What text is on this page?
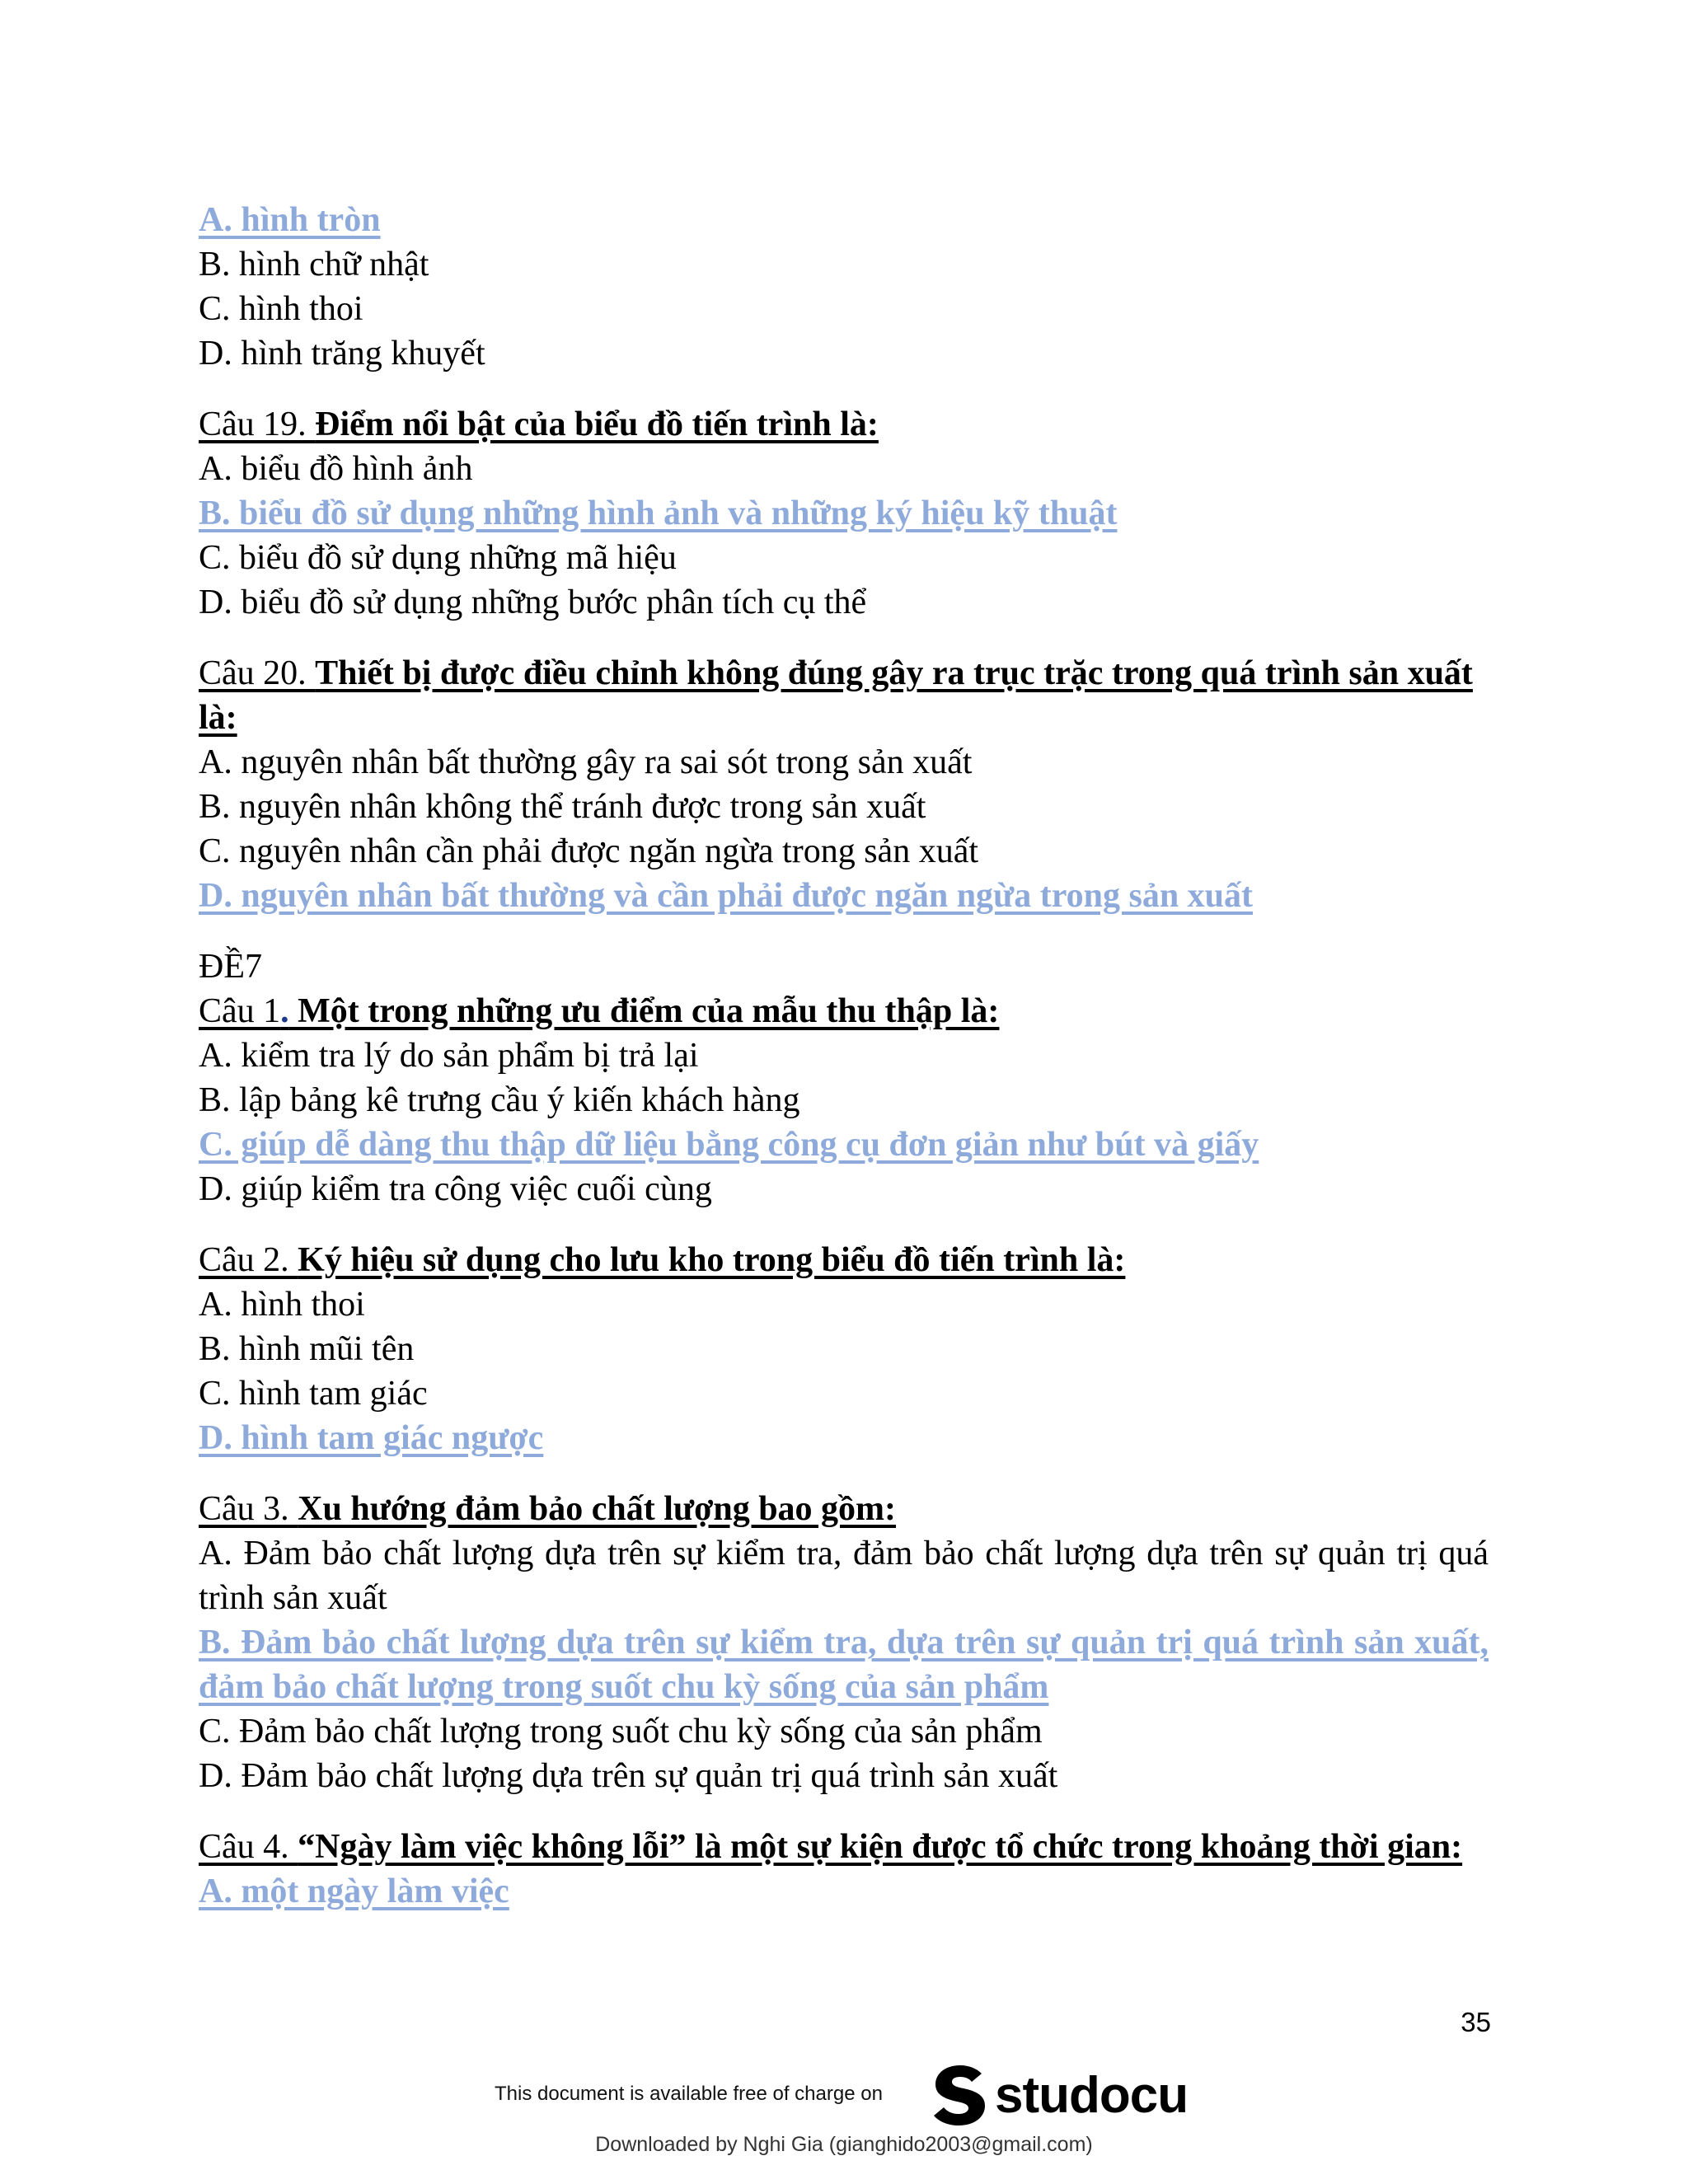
A. hình tròn
B. hình chữ nhật
C. hình thoi
D. hình trăng khuyết
Câu 19. Điểm nổi bật của biểu đồ tiến trình là:
A. biểu đồ hình ảnh
B. biểu đồ sử dụng những hình ảnh và những ký hiệu kỹ thuật
C. biểu đồ sử dụng những mã hiệu
D. biểu đồ sử dụng những bước phân tích cụ thể
Câu 20. Thiết bị được điều chỉnh không đúng gây ra trục trặc trong quá trình sản xuất là:
A. nguyên nhân bất thường gây ra sai sót trong sản xuất
B. nguyên nhân không thể tránh được trong sản xuất
C. nguyên nhân cần phải được ngăn ngừa trong sản xuất
D. nguyên nhân bất thường và cần phải được ngăn ngừa trong sản xuất
ĐỀ7
Câu 1. Một trong những ưu điểm của mẫu thu thập là:
A. kiểm tra lý do sản phẩm bị trả lại
B. lập bảng kê trưng cầu ý kiến khách hàng
C. giúp dễ dàng thu thập dữ liệu bằng công cụ đơn giản như bút và giấy
D. giúp kiểm tra công việc cuối cùng
Câu 2. Ký hiệu sử dụng cho lưu kho trong biểu đồ tiến trình là:
A. hình thoi
B. hình mũi tên
C. hình tam giác
D. hình tam giác ngược
Câu 3. Xu hướng đảm bảo chất lượng bao gồm:
A. Đảm bảo chất lượng dựa trên sự kiểm tra, đảm bảo chất lượng dựa trên sự quản trị quá trình sản xuất
B. Đảm bảo chất lượng dựa trên sự kiểm tra, dựa trên sự quản trị quá trình sản xuất, đảm bảo chất lượng trong suốt chu kỳ sống của sản phẩm
C. Đảm bảo chất lượng trong suốt chu kỳ sống của sản phẩm
D. Đảm bảo chất lượng dựa trên sự quản trị quá trình sản xuất
Câu 4. “Ngày làm việc không lỗi” là một sự kiện được tổ chức trong khoảng thời gian:
A. một ngày làm việc
35
This document is available free of charge on studocu
Downloaded by Nghi Gia (gianghido2003@gmail.com)
